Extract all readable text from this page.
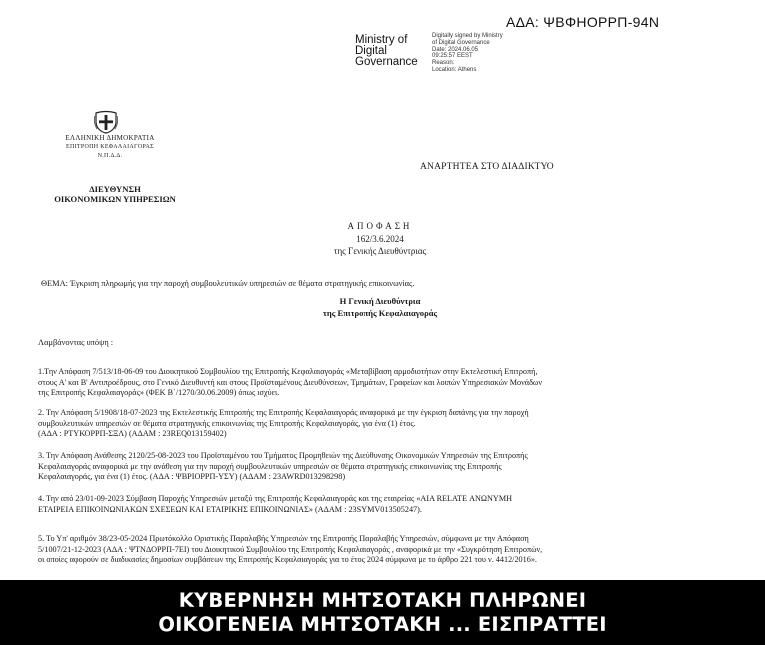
ΑΔΑ: ΨΒΦΗΟΡΡΠ-94Ν
Ministry of
Digital
Governance
Digitally signed by Ministry
of Digital Governance
Date: 2024.06.05
09:25:57 EEST
Reason:
Location: Athens
ΕΛΛΗΝΙΚΗ ΔΗΜΟΚΡΑΤΙΑ
ΕΠΙΤΡΟΠΗ ΚΕΦΑΛΑΙΑΓΟΡΑΣ
Ν.Π.Δ.Δ.
ΔΙΕΥΘΥΝΣΗ
ΟΙΚΟΝΟΜΙΚΩΝ ΥΠΗΡΕΣΙΩΝ
ΑΝΑΡΤΗΤΕΑ ΣΤΟ ΔΙΑΔΙΚΤΥΟ
ΑΠΟΦΑΣΗ
162/3.6.2024
της Γενικής Διευθύντριας
ΘΕΜΑ: Έγκριση πληρωμής για την παροχή συμβουλευτικών υπηρεσιών σε θέματα στρατηγικής επικοινωνίας.
Η Γενική Διευθύντρια
της Επιτροπής Κεφαλαιαγοράς
Λαμβάνοντας υπόψη :
1.Την Απόφαση 7/513/18-06-09 του Διοικητικού Συμβουλίου της Επιτροπής Κεφαλαιαγοράς «Μεταβίβαση αρμοδιοτήτων στην Εκτελεστική Επιτροπή,
στους Α' και Β' Αντιπροέδρους, στο Γενικό Διευθυντή και στους Προϊσταμένους Διευθύνσεων, Τμημάτων, Γραφείων και λοιπών Υπηρεσιακών Μονάδων
της Επιτροπής Κεφαλαιαγοράς» (ΦΕΚ Β΄/1270/30.06.2009) όπως ισχύει.
2. Την Απόφαση 5/1908/18-07-2023 της Εκτελεστικής Επιτροπής της Επιτροπής Κεφαλαιαγοράς αναφορικά με την έγκριση δαπάνης για την παροχή
συμβουλευτικών υπηρεσιών σε θέματα στρατηγικής επικοινωνίας της Επιτροπής Κεφαλαιαγοράς, για ένα (1) έτος.
(ΑΔΑ : ΡΤΥΚΟΡΡΠ-ΣΞΛ) (ΑΔΑΜ : 23REQ013159402)
3. Την Απόφαση Ανάθεσης 2120/25-08-2023 του Προϊσταμένου του Τμήματος Προμηθειών της Διεύθυνσης Οικονομικών Υπηρεσιών της Επιτροπής
Κεφαλαιαγοράς αναφορικά με την ανάθεση για την παροχή συμβουλευτικών υπηρεσιών σε θέματα στρατηγικής επικοινωνίας της Επιτροπής
Κεφαλαιαγοράς, για ένα (1) έτος. (ΑΔΑ : ΨΒΡΙΟΡΡΠ-ΥΣΥ) (ΑΔΑΜ : 23AWRD013298298)
4. Την από 23/01-09-2023 Σύμβαση Παροχής Υπηρεσιών μεταξύ της Επιτροπής Κεφαλαιαγοράς και της εταιρείας «ΑΙΑ RELATE ΑΝΩΝΥΜΗ
ΕΤΑΙΡΕΙΑ ΕΠΙΚΟΙΝΩΝΙΑΚΩΝ ΣΧΕΣΕΩΝ ΚΑΙ ΕΤΑΙΡΙΚΗΣ ΕΠΙΚΟΙΝΩΝΙΑΣ» (ΑΔΑΜ : 23SYMV013505247).
5. Το Υπ' αριθμόν 38/23-05-2024 Πρωτόκολλο Οριστικής Παραλαβής Υπηρεσιών της Επιτροπής Παραλαβής Υπηρεσιών, σύμφωνα με την Απόφαση
5/1007/21-12-2023 (ΑΔΑ : ΨΤΝΔΟΡΡΠ-7ΕΙ) του Διοικητικού Συμβουλίου της Επιτροπής Κεφαλαιαγοράς , αναφορικά με την «Συγκρότηση Επιτροπών,
οι οποίες αφορούν σε διαδικασίες δημοσίων συμβάσεων της Επιτροπής Κεφαλαιαγοράς για το έτος 2024 σύμφωνα με το άρθρο 221 του ν. 4412/2016».
ΚΥΒΕΡΝΗΣΗ ΜΗΤΣΟΤΑΚΗ ΠΛΗΡΩΝΕΙ
ΟΙΚΟΓΕΝΕΙΑ ΜΗΤΣΟΤΑΚΗ ... ΕΙΣΠΡΑΤΤΕΙ
